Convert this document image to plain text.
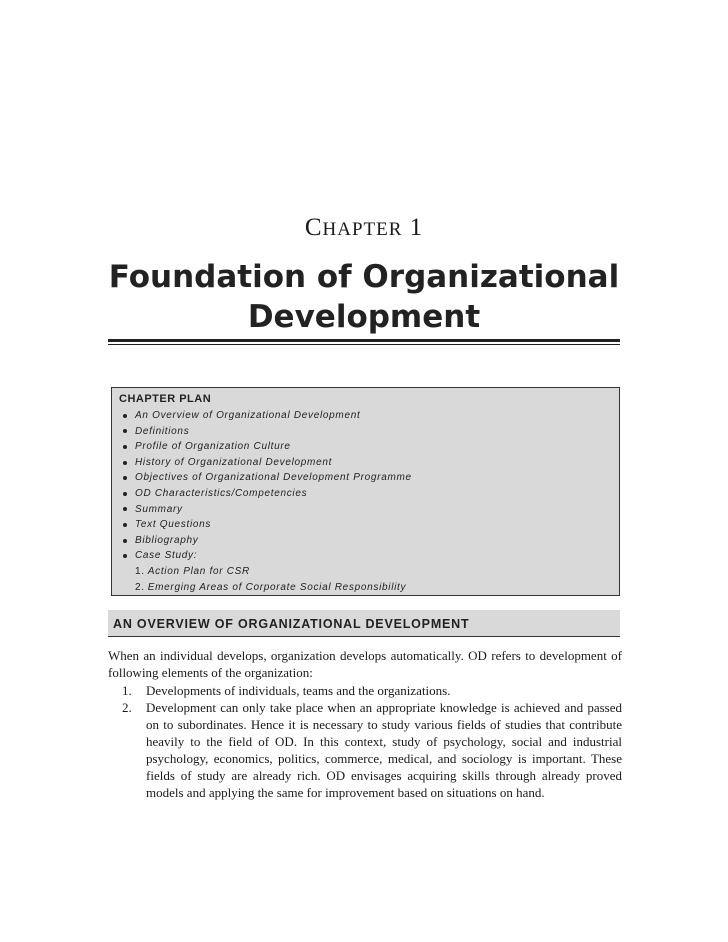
CHAPTER 1
Foundation of Organizational
Development
CHAPTER PLAN
An Overview of Organizational Development
Definitions
Profile of Organization Culture
History of Organizational Development
Objectives of Organizational Development Programme
OD Characteristics/Competencies
Summary
Text Questions
Bibliography
Case Study:
1. Action Plan for CSR
2. Emerging Areas of Corporate Social Responsibility
AN OVERVIEW OF ORGANIZATIONAL DEVELOPMENT

When an individual develops, organization develops automatically. OD refers to development of following elements of the organization:

1.	Developments of individuals, teams and the organizations.
2.	Development can only take place when an appropriate knowledge is achieved and passed on to subordinates. Hence it is necessary to study various fields of studies that contribute heavily to the field of OD. In this context, study of psychology, social and industrial psychology, economics, politics, commerce, medical, and sociology is important. These fields of study are already rich. OD envisages acquiring skills through already proved models and applying the same for improvement based on situations on hand.
